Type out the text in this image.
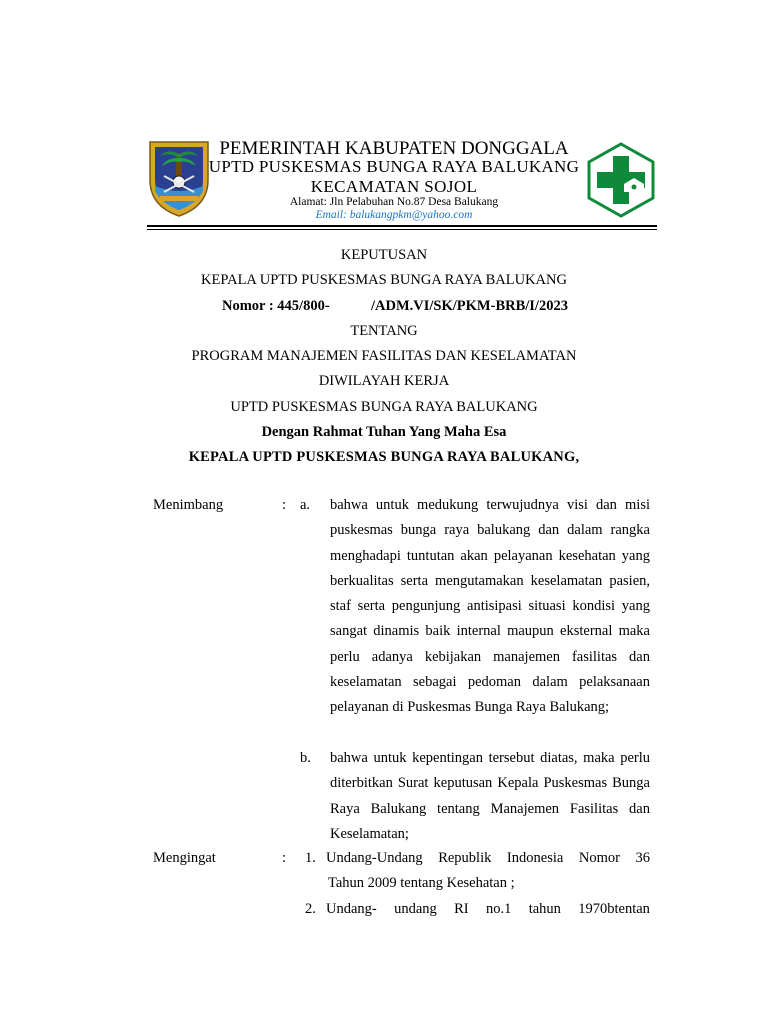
PEMERINTAH KABUPATEN DONGGALA
UPTD PUSKESMAS BUNGA RAYA BALUKANG
KECAMATAN SOJOL
Alamat: Jln Pelabuhan No.87 Desa Balukang
Email: balukangpkm@yahoo.com
KEPUTUSAN
KEPALA UPTD PUSKESMAS BUNGA RAYA BALUKANG
Nomor : 445/800-	/ADM.VI/SK/PKM-BRB/I/2023
TENTANG
PROGRAM MANAJEMEN FASILITAS DAN KESELAMATAN
DIWILAYAH KERJA
UPTD PUSKESMAS BUNGA RAYA BALUKANG
Dengan Rahmat Tuhan Yang Maha Esa
KEPALA UPTD PUSKESMAS BUNGA RAYA BALUKANG,
Menimbang	: a. bahwa untuk medukung terwujudnya visi dan misi puskesmas bunga raya balukang dan dalam rangka menghadapi tuntutan akan pelayanan kesehatan yang berkualitas serta mengutamakan keselamatan pasien, staf serta pengunjung antisipasi situasi kondisi yang sangat dinamis baik internal maupun eksternal maka perlu adanya kebijakan manajemen fasilitas dan keselamatan sebagai pedoman dalam pelaksanaan pelayanan di Puskesmas Bunga Raya Balukang;

b. bahwa untuk kepentingan tersebut diatas, maka perlu diterbitkan Surat keputusan Kepala Puskesmas Bunga Raya Balukang tentang Manajemen Fasilitas dan Keselamatan;

Mengingat	: 1. Undang-Undang Republik Indonesia Nomor 36
Tahun 2009 tentang Kesehatan ;
2. Undang- undang RI no.1 tahun 1970btentan
